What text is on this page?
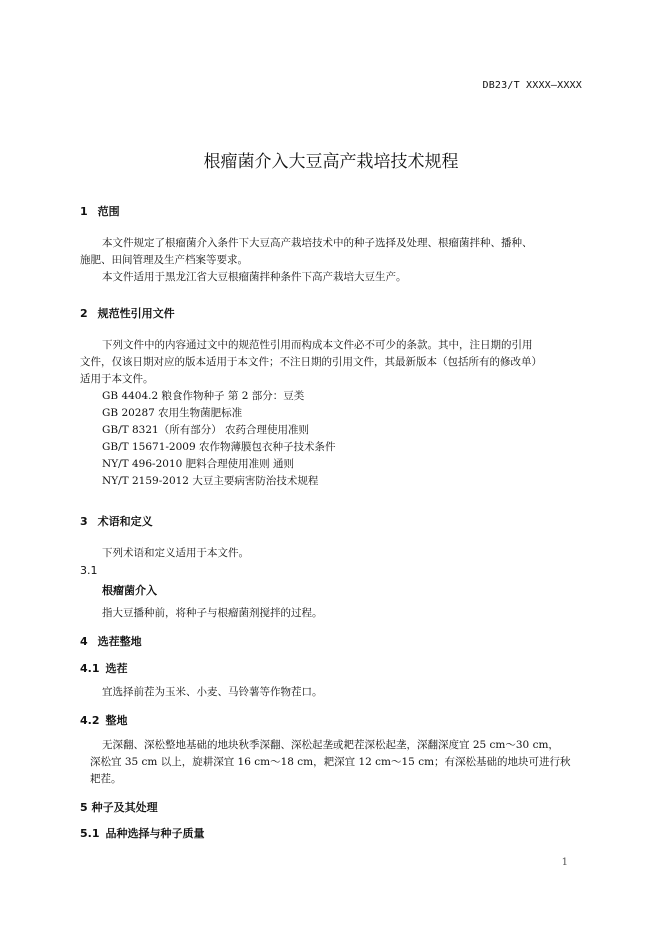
DB23/T XXXX—XXXX
根瘤菌介入大豆高产栽培技术规程
1 范围
本文件规定了根瘤菌介入条件下大豆高产栽培技术中的种子选择及处理、根瘤菌拌种、播种、
施肥、田间管理及生产档案等要求。
本文件适用于黑龙江省大豆根瘤菌拌种条件下高产栽培大豆生产。
2 规范性引用文件
下列文件中的内容通过文中的规范性引用而构成本文件必不可少的条款。其中，注日期的引用
文件，仅该日期对应的版本适用于本文件；不注日期的引用文件，其最新版本（包括所有的修改单）
适用于本文件。
GB 4404.2 粮食作物种子 第 2 部分：豆类
GB 20287 农用生物菌肥标准
GB/T 8321（所有部分） 农药合理使用准则
GB/T 15671-2009 农作物薄膜包衣种子技术条件
NY/T 496-2010 肥料合理使用准则 通则
NY/T 2159-2012 大豆主要病害防治技术规程
3 术语和定义
下列术语和定义适用于本文件。
3.1
根瘤菌介入
指大豆播种前，将种子与根瘤菌剂搅拌的过程。
4 选茬整地
4.1 选茬
宜选择前茬为玉米、小麦、马铃薯等作物茬口。
4.2 整地
无深翻、深松整地基础的地块秋季深翻、深松起垄或耙茬深松起垄，深翻深度宜 25 cm～30 cm，
深松宜 35 cm 以上，旋耕深宜 16 cm～18 cm，耙深宜 12 cm～15 cm；有深松基础的地块可进行秋
耙茬。
5 种子及其处理
5.1 品种选择与种子质量
1
